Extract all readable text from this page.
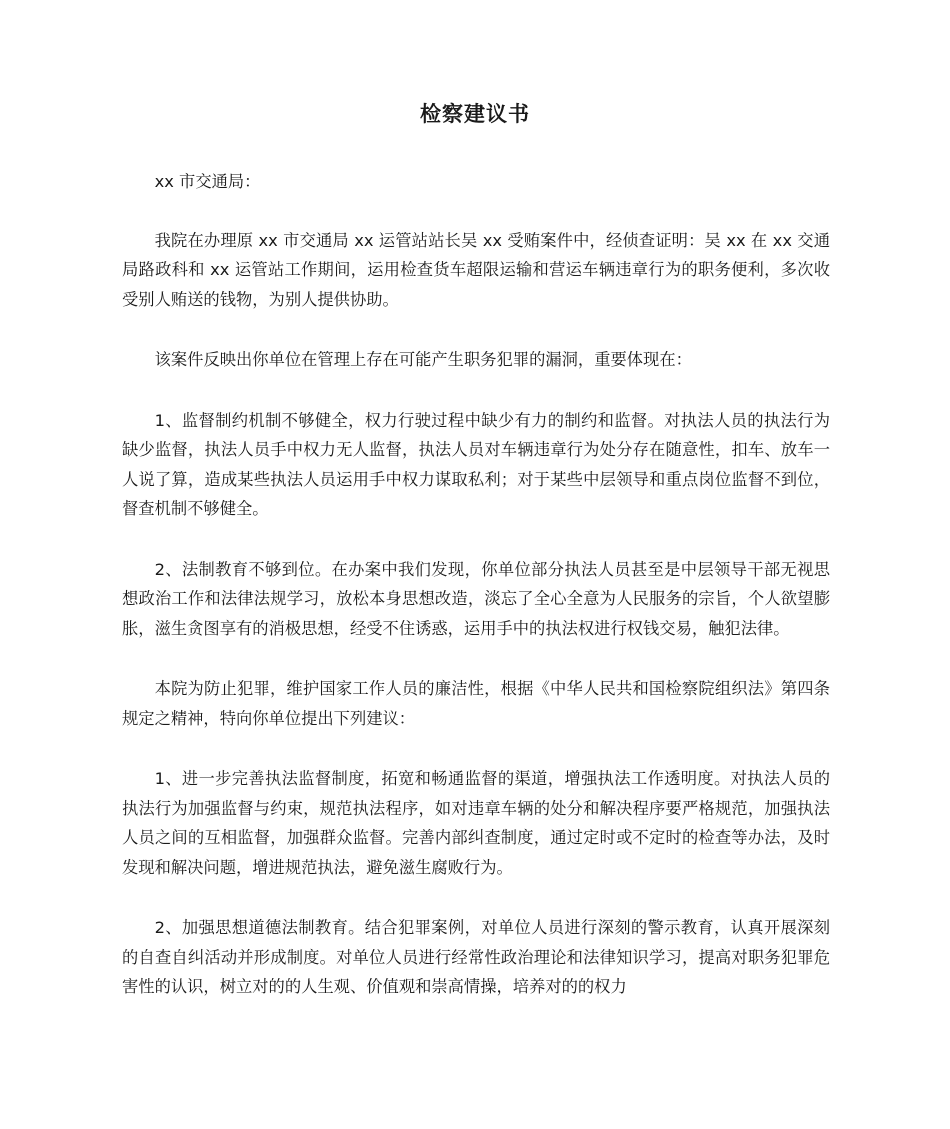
检察建议书

xx 市交通局：

我院在办理原 xx 市交通局 xx 运管站站长吴 xx 受贿案件中，经侦查证明：吴 xx 在 xx 交通局路政科和 xx 运管站工作期间，运用检查货车超限运输和营运车辆违章行为的职务便利，多次收受别人贿送的钱物，为别人提供协助。

该案件反映出你单位在管理上存在可能产生职务犯罪的漏洞，重要体现在：

1、监督制约机制不够健全，权力行驶过程中缺少有力的制约和监督。对执法人员的执法行为缺少监督，执法人员手中权力无人监督，执法人员对车辆违章行为处分存在随意性，扣车、放车一人说了算，造成某些执法人员运用手中权力谋取私利；对于某些中层领导和重点岗位监督不到位，督查机制不够健全。

2、法制教育不够到位。在办案中我们发现，你单位部分执法人员甚至是中层领导干部无视思想政治工作和法律法规学习，放松本身思想改造，淡忘了全心全意为人民服务的宗旨，个人欲望膨胀，滋生贪图享有的消极思想，经受不住诱惑，运用手中的执法权进行权钱交易，触犯法律。

本院为防止犯罪，维护国家工作人员的廉洁性，根据《中华人民共和国检察院组织法》第四条规定之精神，特向你单位提出下列建议：

1、进一步完善执法监督制度，拓宽和畅通监督的渠道，增强执法工作透明度。对执法人员的执法行为加强监督与约束，规范执法程序，如对违章车辆的处分和解决程序要严格规范，加强执法人员之间的互相监督，加强群众监督。完善内部纠查制度，通过定时或不定时的检查等办法，及时发现和解决问题，增进规范执法，避免滋生腐败行为。

2、加强思想道德法制教育。结合犯罪案例，对单位人员进行深刻的警示教育，认真开展深刻的自查自纠活动并形成制度。对单位人员进行经常性政治理论和法律知识学习，提高对职务犯罪危害性的认识，树立对的的人生观、价值观和崇高情操，培养对的的权力
